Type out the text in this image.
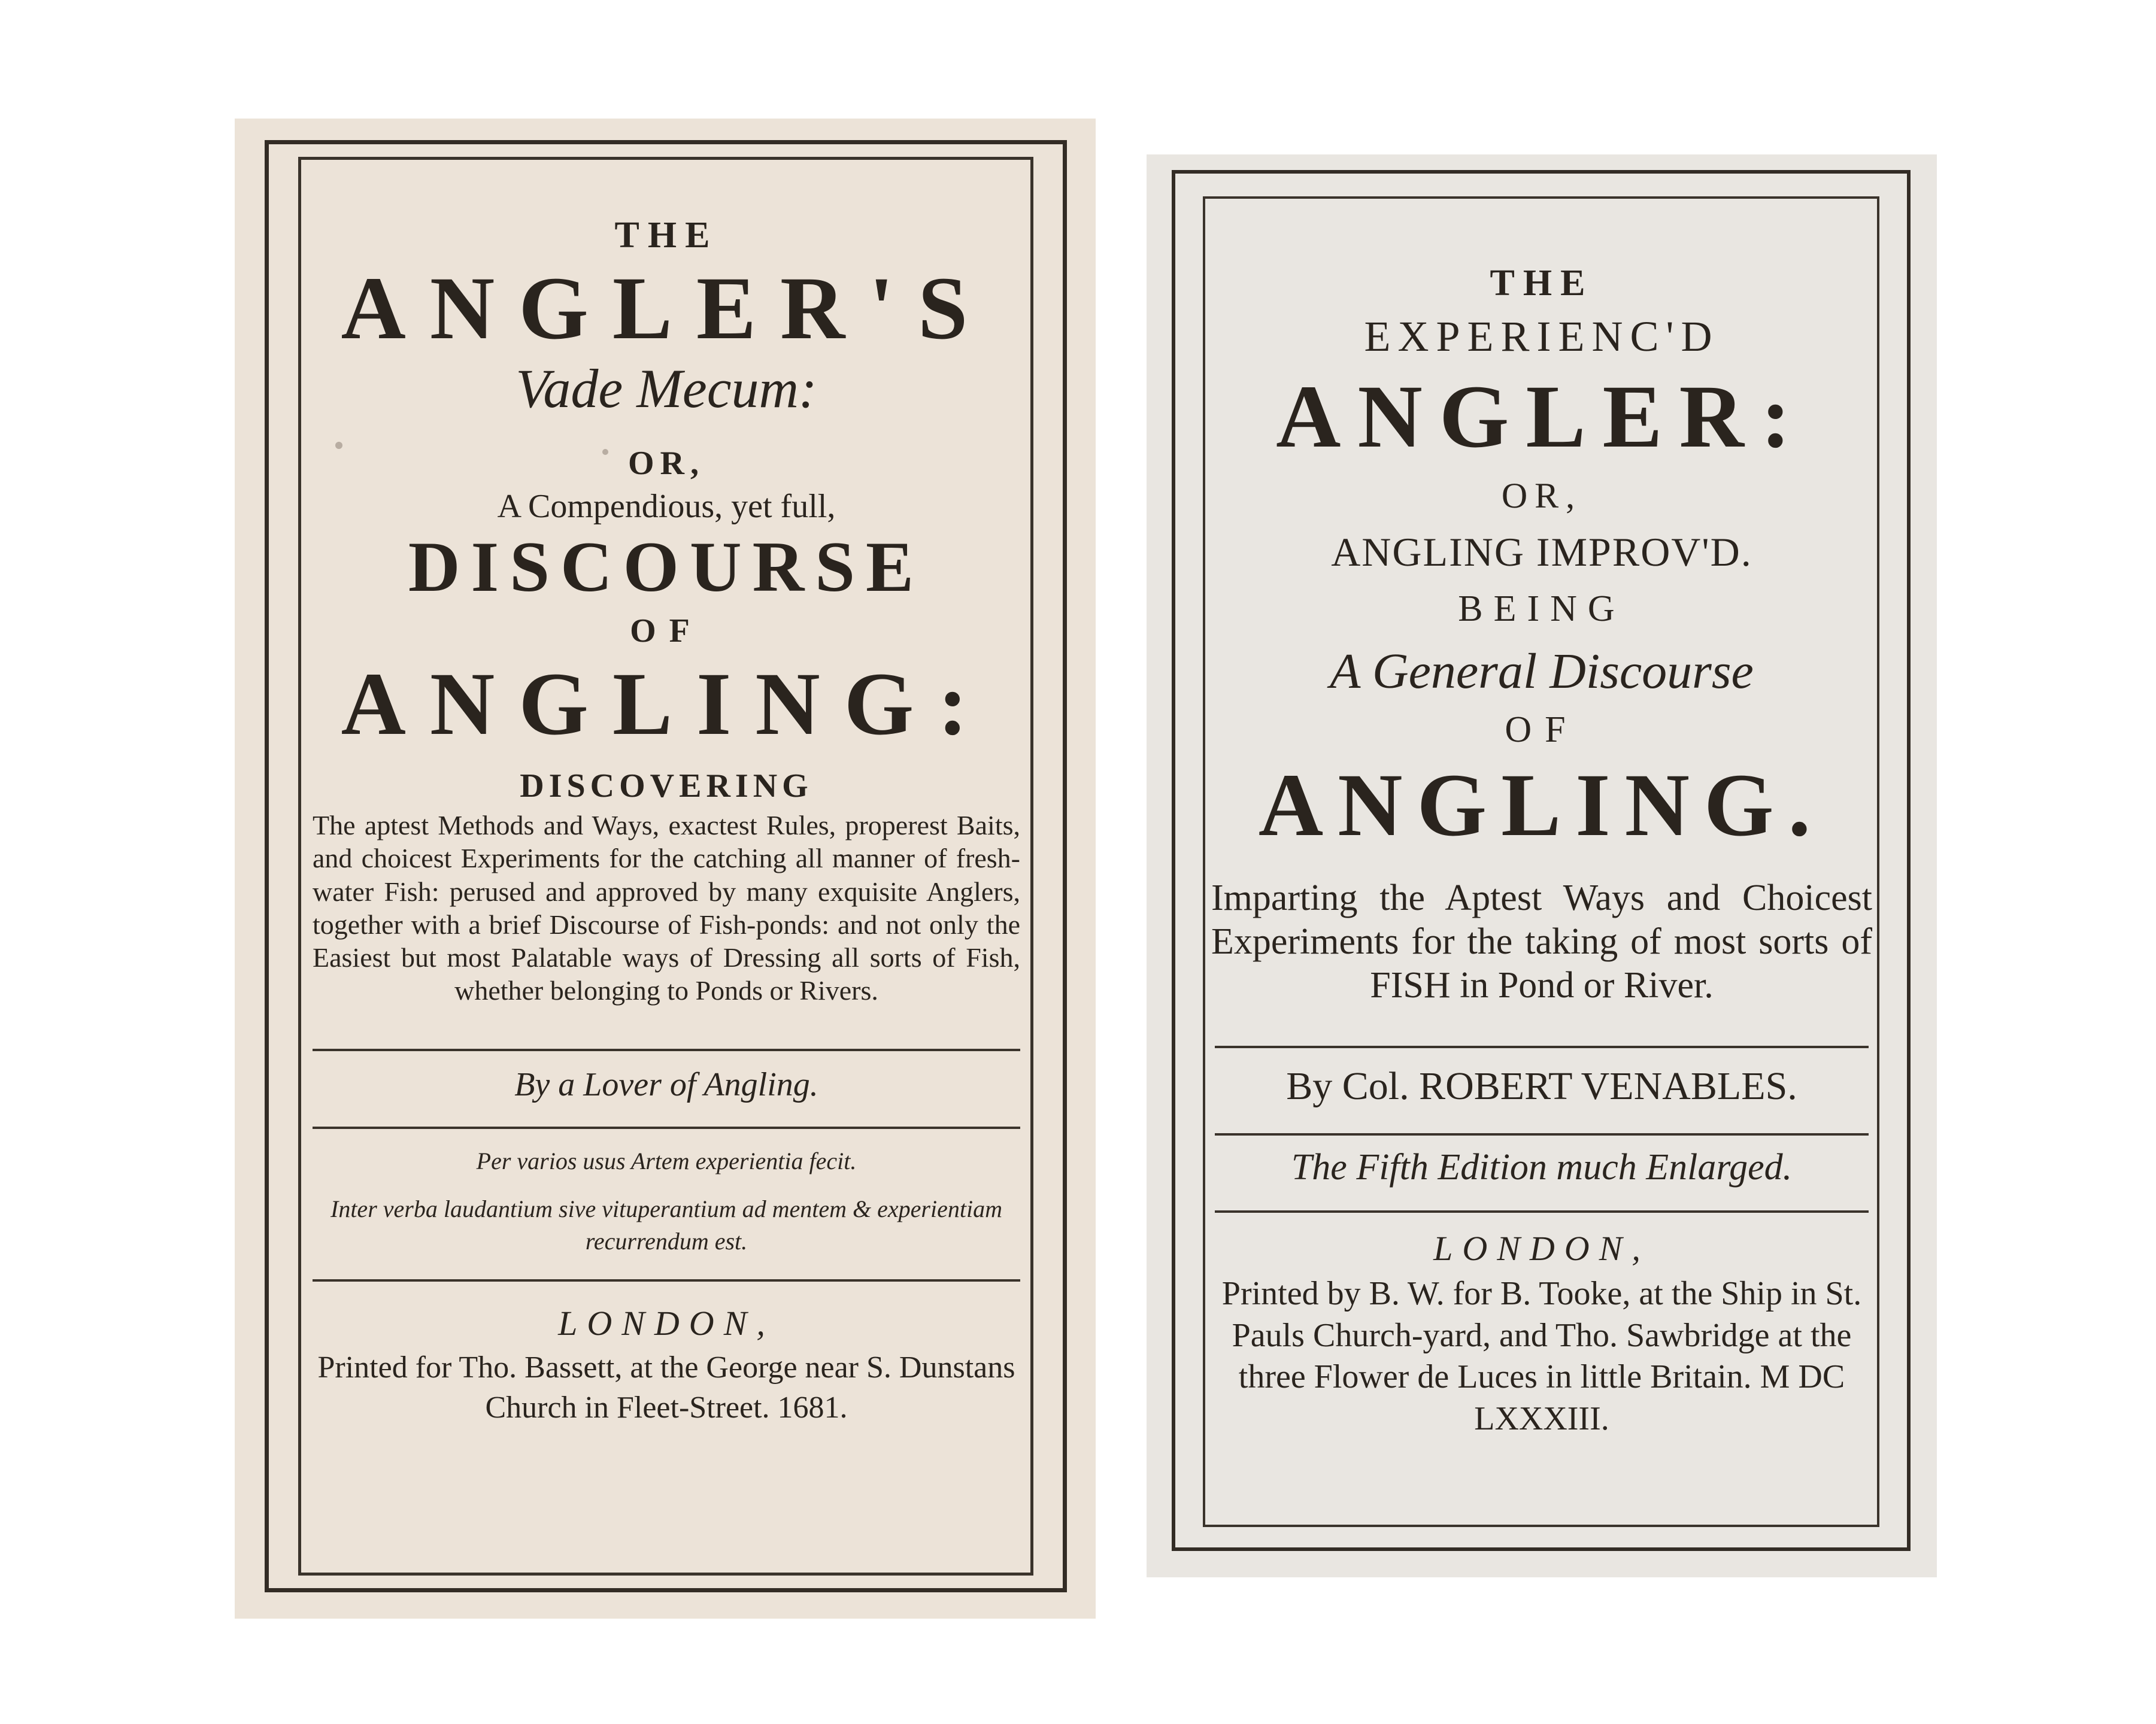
THE
ANGLER'S
Vade Mecum:
OR,
A Compendious, yet full,
DISCOURSE
OF
ANGLING:
DISCOVERING

The aptest Methods and Ways, exactest Rules, properest Baits, and choicest Experiments for the catching all manner of fresh-water Fish: perused and approved by many exquisite Anglers, together with a brief Discourse of Fish-ponds: and not only the Easiest but most Palatable ways of Dressing all sorts of Fish, whether belonging to Ponds or Rivers.

By a Lover of Angling.
Per varios usus Artem experientia fecit.

Inter verba laudantium sive vituperantium ad mentem & experientiam recurrendum est.

LONDON,

Printed for Tho. Bassett, at the George near S. Dunstans Church in Fleet-Street. 1681.

THE
EXPERIENC'D
ANGLER:
OR,
ANGLING IMPROV'D.
BEING
A General Discourse
OF
ANGLING.

Imparting the Aptest Ways and Choicest Experiments for the taking of most sorts of FISH in Pond or River.

By Col. ROBERT VENABLES.
The Fifth Edition much Enlarged.
LONDON,

Printed by B. W. for B. Tooke, at the Ship in St. Pauls Church-yard, and Tho. Sawbridge at the three Flower de Luces in little Britain. M DC LXXXIII.
